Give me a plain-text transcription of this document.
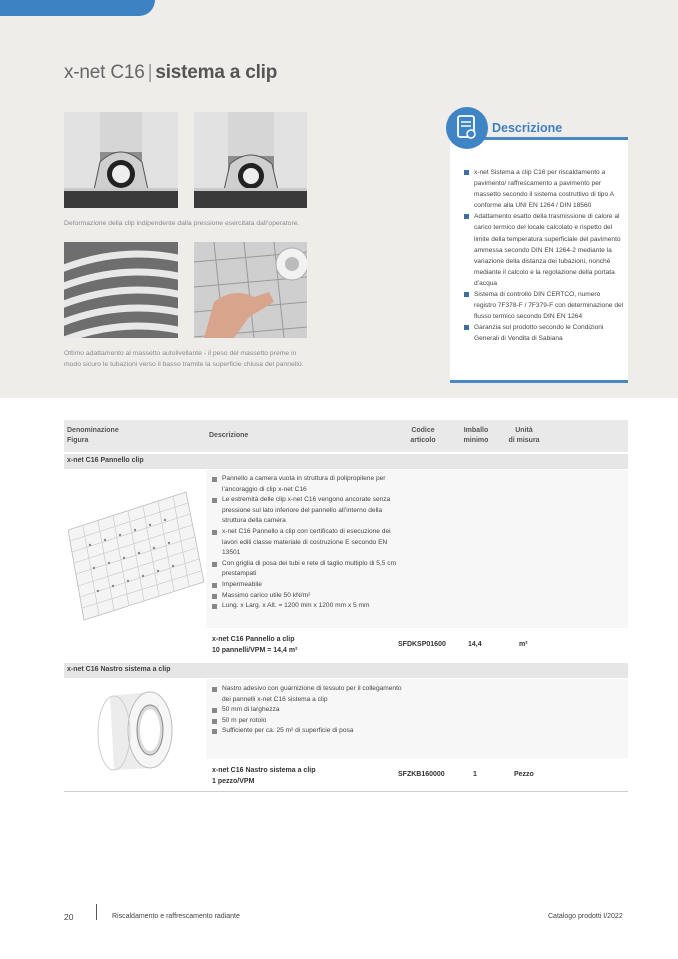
x-net C16 | sistema a clip
Deformazione della clip indipendente dalla pressione esercitata dall’operatore.
Ottimo adattamento al massetto autolivellante - il peso del massetto preme in modo sicuro le tubazioni verso il basso tramite la superficie chiusa del pannello.
Descrizione
x-net Sistema a clip C16 per riscaldamento a pavimento/ raffrescamento a pavimento per massetto secondo il sistema costruttivo di tipo A conforme alla UNI EN 1264 / DIN 18560
Adattamento esatto della trasmissione di calore al carico termico del locale calcolato e rispetto del limite della temperatura superficiale del pavimento ammessa secondo DIN EN 1264-2 mediante la variazione della distanza dei tubazioni, nonché mediante il calcolo e la regolazione della portata d’acqua
Sistema di controllo DIN CERTCO, numero registro 7F378-F / 7F379-F con determinazione del flusso termico secondo DIN EN 1264
Garanzia sul prodotto secondo le Condizioni Generali di Vendita di Sabiana
Denominazione
Figura
Descrizione
Codice
articolo
Imballo
minimo
Unità
di misura
x-net C16 Pannello clip
Pannello a camera vuota in struttura di polipropilene per l’ancoraggio di clip x-net C16
Le estremità delle clip x-net C16 vengono ancorate senza pressione sul lato inferiore del pannello all’interno della struttura della camera
x-net C16 Pannello a clip con certificato di esecuzione dei lavori edili classe materiale di costruzione E secondo EN 13501
Con griglia di posa dei tubi e rete di taglio multiplo di 5,5 cm prestampati
Impermeabile
Massimo carico utile 50 kN/m²
Lung. x Larg. x Alt. = 1200 mm x 1200 mm x 5 mm
x-net C16 Pannello a clip
10 pannelli/VPM = 14,4 m²
SFDKSP01600	14,4	m²
x-net C16 Nastro sistema a clip
Nastro adesivo con guarnizione di tessuto per il collegamento dei pannelli x-net C16 sistema a clip
50 mm di larghezza
50 m per rotolo
Sufficiente per ca. 25 m² di superficie di posa
x-net C16 Nastro sistema a clip
1 pezzo/VPM
SFZKB160000	1	Pezzo
20	Riscaldamento e raffrescamento radiante	Catalogo prodotti I/2022
